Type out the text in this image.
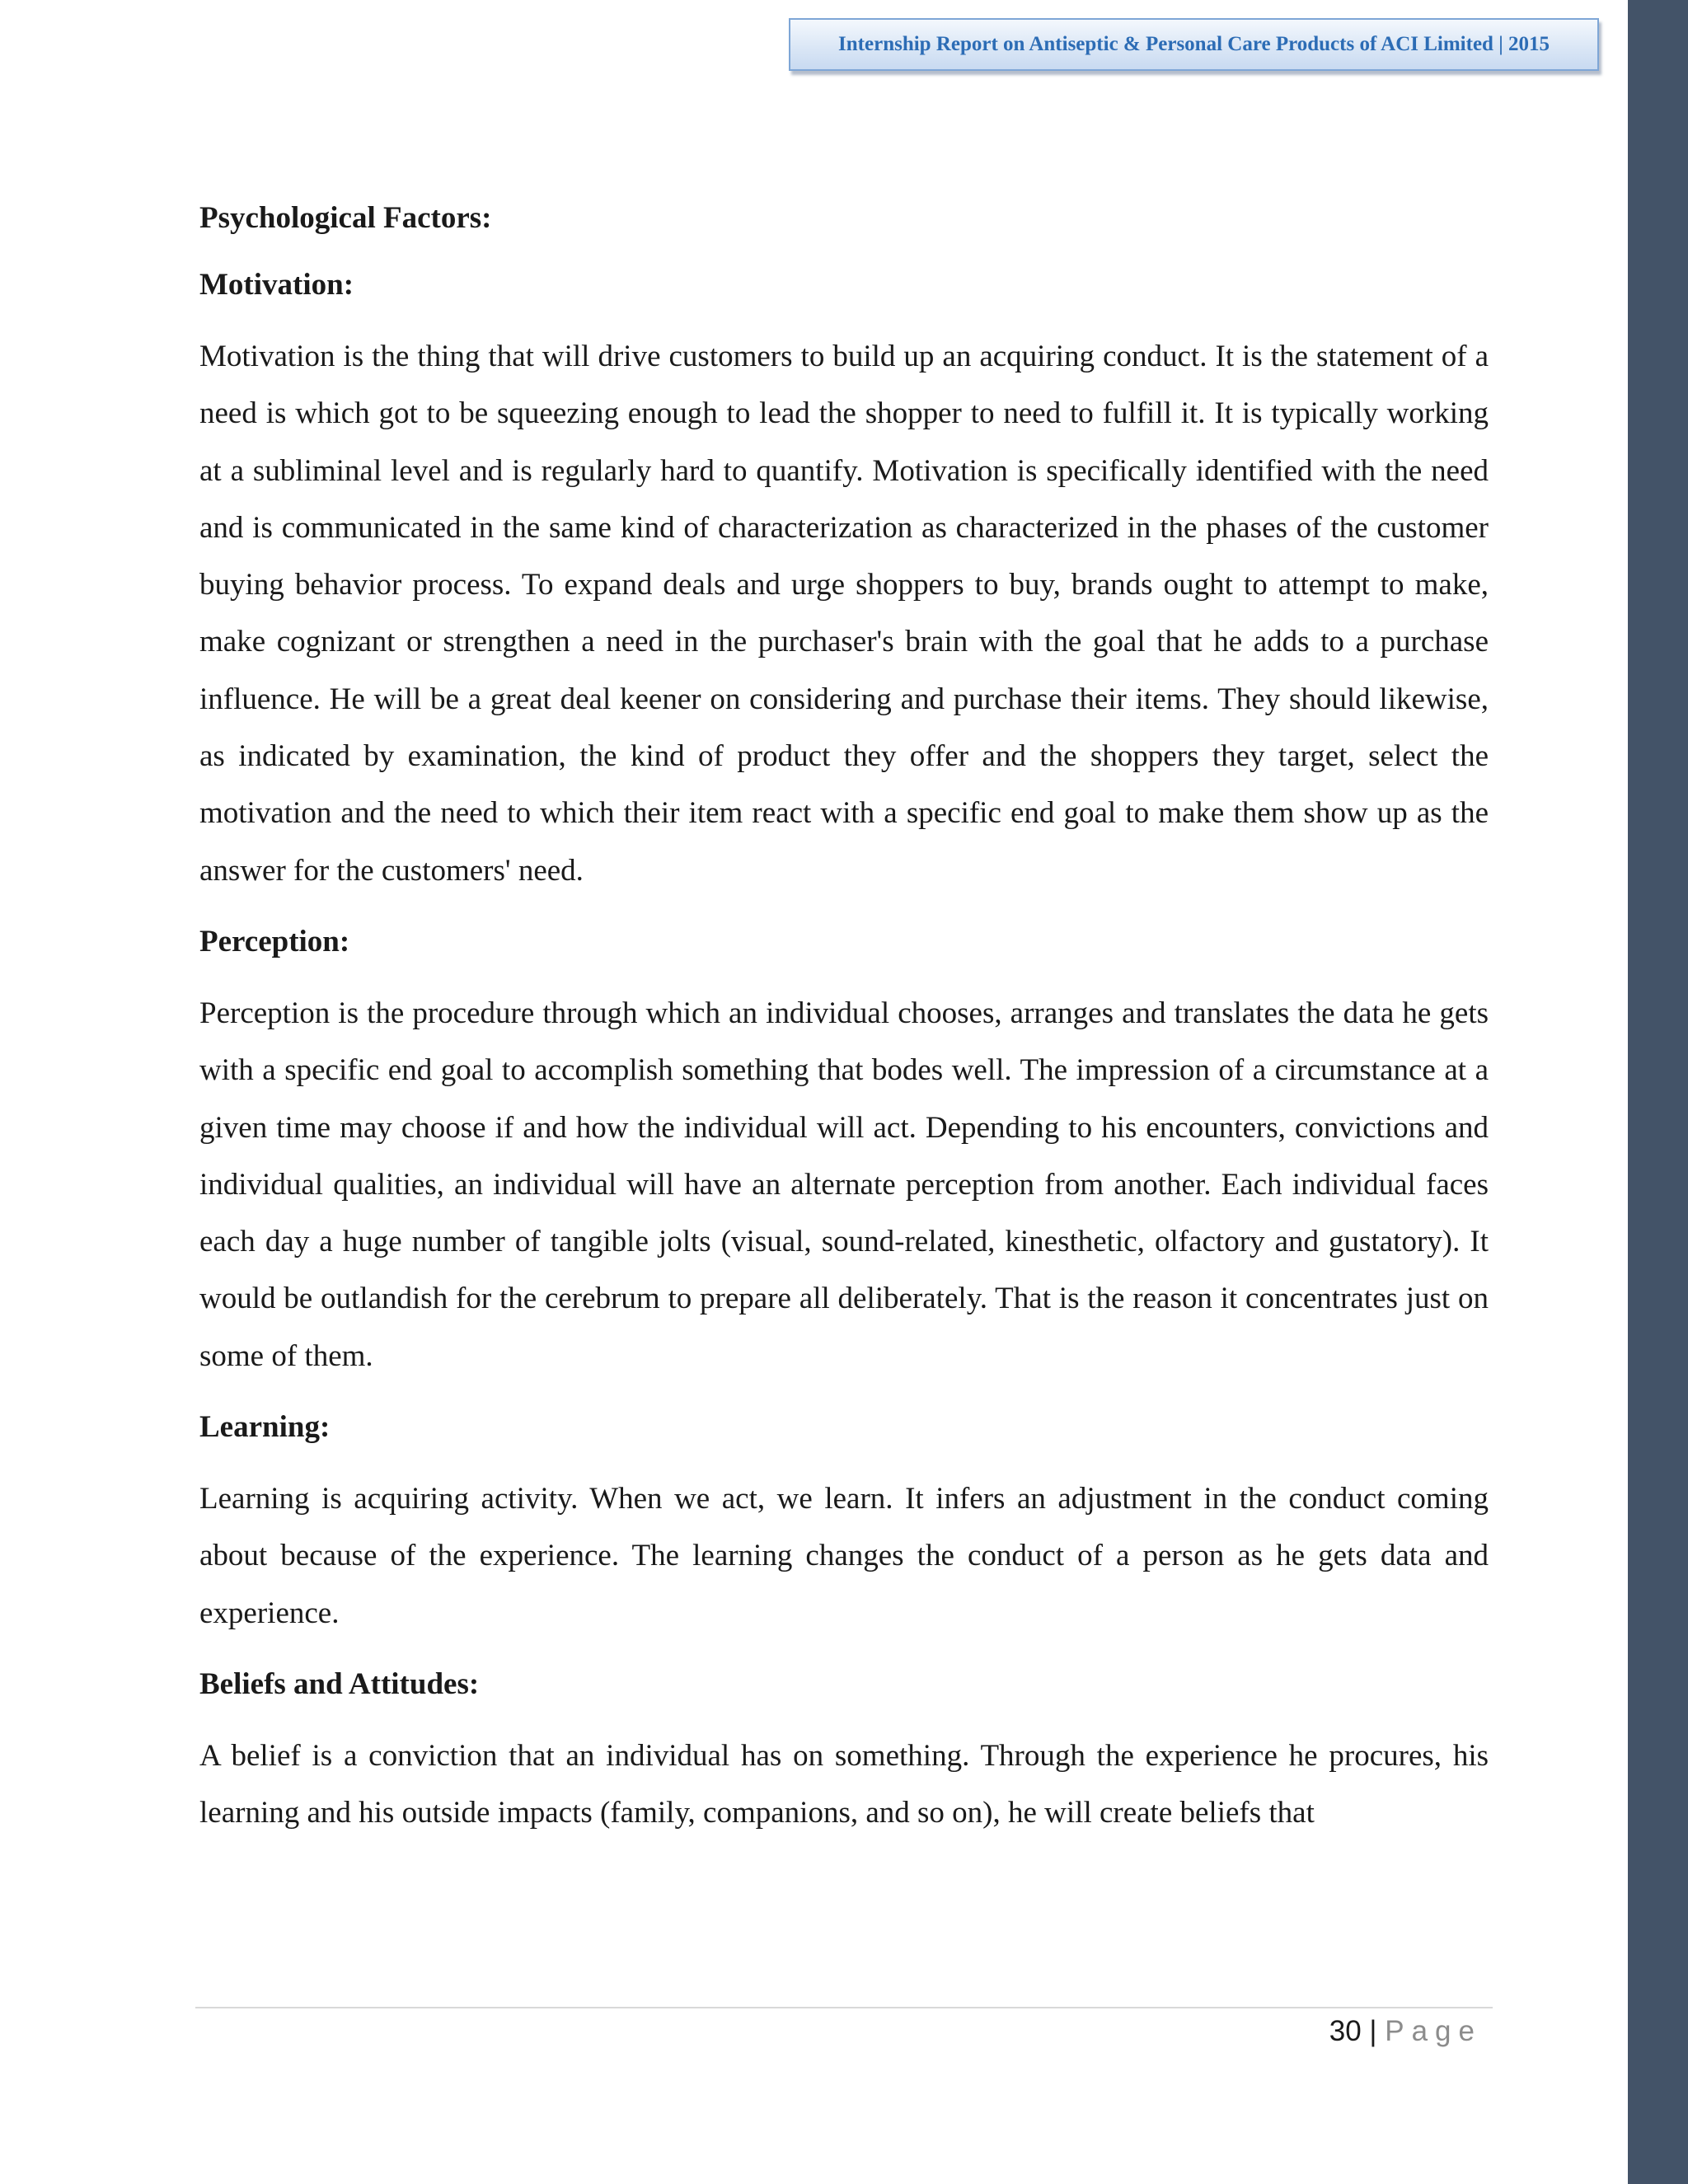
Internship Report on Antiseptic & Personal Care Products of ACI Limited | 2015
Psychological Factors:
Motivation:

Motivation is the thing that will drive customers to build up an acquiring conduct. It is the statement of a need is which got to be squeezing enough to lead the shopper to need to fulfill it. It is typically working at a subliminal level and is regularly hard to quantify. Motivation is specifically identified with the need and is communicated in the same kind of characterization as characterized in the phases of the customer buying behavior process. To expand deals and urge shoppers to buy, brands ought to attempt to make, make cognizant or strengthen a need in the purchaser's brain with the goal that he adds to a purchase influence. He will be a great deal keener on considering and purchase their items. They should likewise, as indicated by examination, the kind of product they offer and the shoppers they target, select the motivation and the need to which their item react with a specific end goal to make them show up as the answer for the customers' need.

Perception:

Perception is the procedure through which an individual chooses, arranges and translates the data he gets with a specific end goal to accomplish something that bodes well. The impression of a circumstance at a given time may choose if and how the individual will act. Depending to his encounters, convictions and individual qualities, an individual will have an alternate perception from another. Each individual faces each day a huge number of tangible jolts (visual, sound-related, kinesthetic, olfactory and gustatory). It would be outlandish for the cerebrum to prepare all deliberately. That is the reason it concentrates just on some of them.

Learning:

Learning is acquiring activity. When we act, we learn. It infers an adjustment in the conduct coming about because of the experience. The learning changes the conduct of a person as he gets data and experience.

Beliefs and Attitudes:

A belief is a conviction that an individual has on something. Through the experience he procures, his learning and his outside impacts (family, companions, and so on), he will create beliefs that

30 | Page
